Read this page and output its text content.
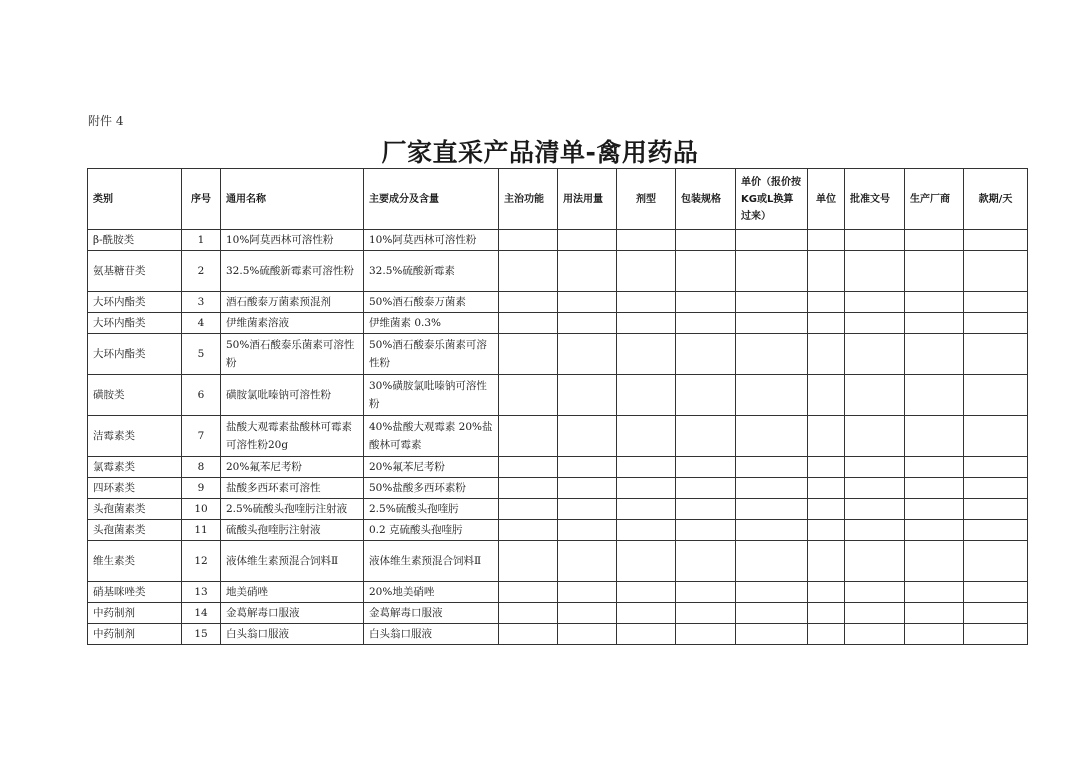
附件 4
厂家直采产品清单-禽用药品
类别	序号	通用名称	主要成分及含量	主治功能	用法用量	剂型	包装规格	单价（报价按KG或L换算过来）	单位	批准文号	生产厂商	款期/天
β-酰胺类	1	10%阿莫西林可溶性粉	10%阿莫西林可溶性粉									
氨基糖苷类	2	32.5%硫酸新霉素可溶性粉	32.5%硫酸新霉素									
大环内酯类	3	酒石酸泰万菌素预混剂	50%酒石酸泰万菌素									
大环内酯类	4	伊维菌素溶液	伊维菌素 0.3%									
大环内酯类	5	50%酒石酸泰乐菌素可溶性粉	50%酒石酸泰乐菌素可溶性粉									
磺胺类	6	磺胺氯吡嗪钠可溶性粉	30%磺胺氯吡嗪钠可溶性粉									
洁霉素类	7	盐酸大观霉素盐酸林可霉素可溶性粉20g	40%盐酸大观霉素 20%盐酸林可霉素									
氯霉素类	8	20%氟苯尼考粉	20%氟苯尼考粉									
四环素类	9	盐酸多西环素可溶性	50%盐酸多西环素粉									
头孢菌素类	10	2.5%硫酸头孢喹肟注射液	2.5%硫酸头孢喹肟									
头孢菌素类	11	硫酸头孢喹肟注射液	0.2 克硫酸头孢喹肟									
维生素类	12	液体维生素预混合饲料Ⅱ	液体维生素预混合饲料Ⅱ									
硝基咪唑类	13	地美硝唑	20%地美硝唑									
中药制剂	14	金葛解毒口服液	金葛解毒口服液									
中药制剂	15	白头翁口服液	白头翁口服液									
